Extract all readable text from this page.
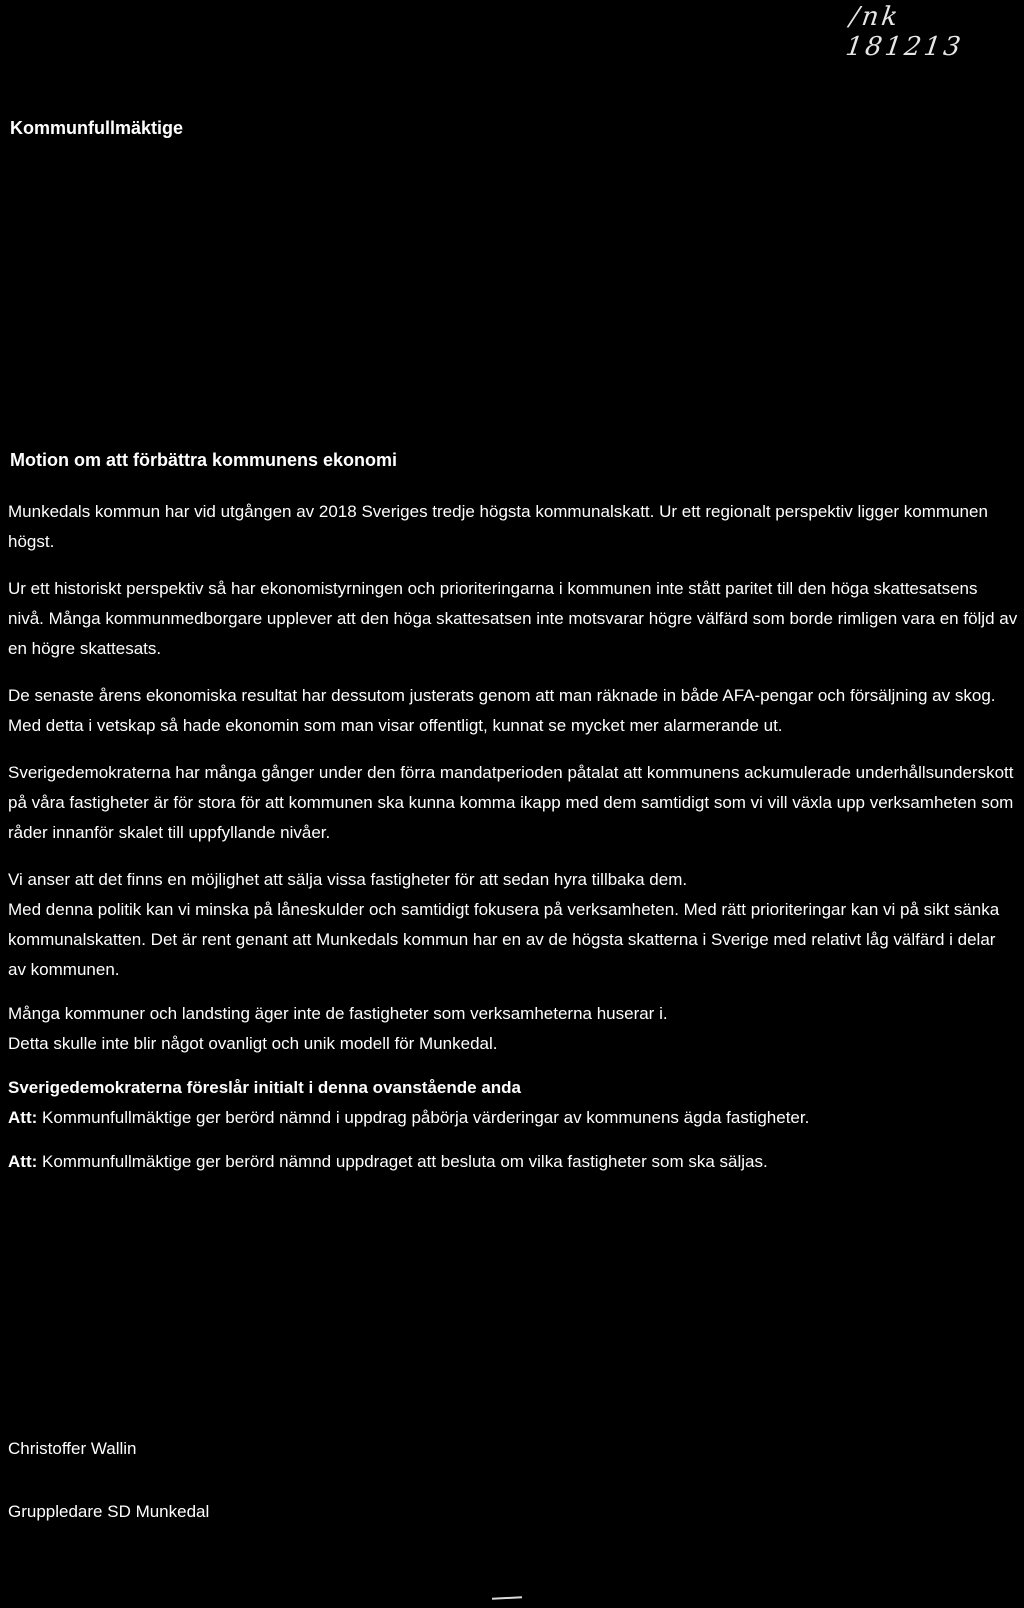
/nk 181213
Kommunfullmäktige
Motion om att förbättra kommunens ekonomi

Munkedals kommun har vid utgången av 2018 Sveriges tredje högsta kommunalskatt. Ur ett regionalt perspektiv ligger kommunen högst.

Ur ett historiskt perspektiv så har ekonomistyrningen och prioriteringarna i kommunen inte stått paritet till den höga skattesatsens nivå. Många kommunmedborgare upplever att den höga skattesatsen inte motsvarar högre välfärd som borde rimligen vara en följd av en högre skattesats.

De senaste årens ekonomiska resultat har dessutom justerats genom att man räknade in både AFA-pengar och försäljning av skog. Med detta i vetskap så hade ekonomin som man visar offentligt, kunnat se mycket mer alarmerande ut.

Sverigedemokraterna har många gånger under den förra mandatperioden påtalat att kommunens ackumulerade underhållsunderskott på våra fastigheter är för stora för att kommunen ska kunna komma ikapp med dem samtidigt som vi vill växla upp verksamheten som råder innanför skalet till uppfyllande nivåer.

Vi anser att det finns en möjlighet att sälja vissa fastigheter för att sedan hyra tillbaka dem.
Med denna politik kan vi minska på låneskulder och samtidigt fokusera på verksamheten. Med rätt prioriteringar kan vi på sikt sänka kommunalskatten. Det är rent genant att Munkedals kommun har en av de högsta skatterna i Sverige med relativt låg välfärd i delar av kommunen.

Många kommuner och landsting äger inte de fastigheter som verksamheterna huserar i.
Detta skulle inte blir något ovanligt och unik modell för Munkedal.

Sverigedemokraterna föreslår initialt i denna ovanstående anda
Att: Kommunfullmäktige ger berörd nämnd i uppdrag påbörja värderingar av kommunens ägda fastigheter.

Att: Kommunfullmäktige ger berörd nämnd uppdraget att besluta om vilka fastigheter som ska säljas.

Christoffer Wallin
Gruppledare SD Munkedal
